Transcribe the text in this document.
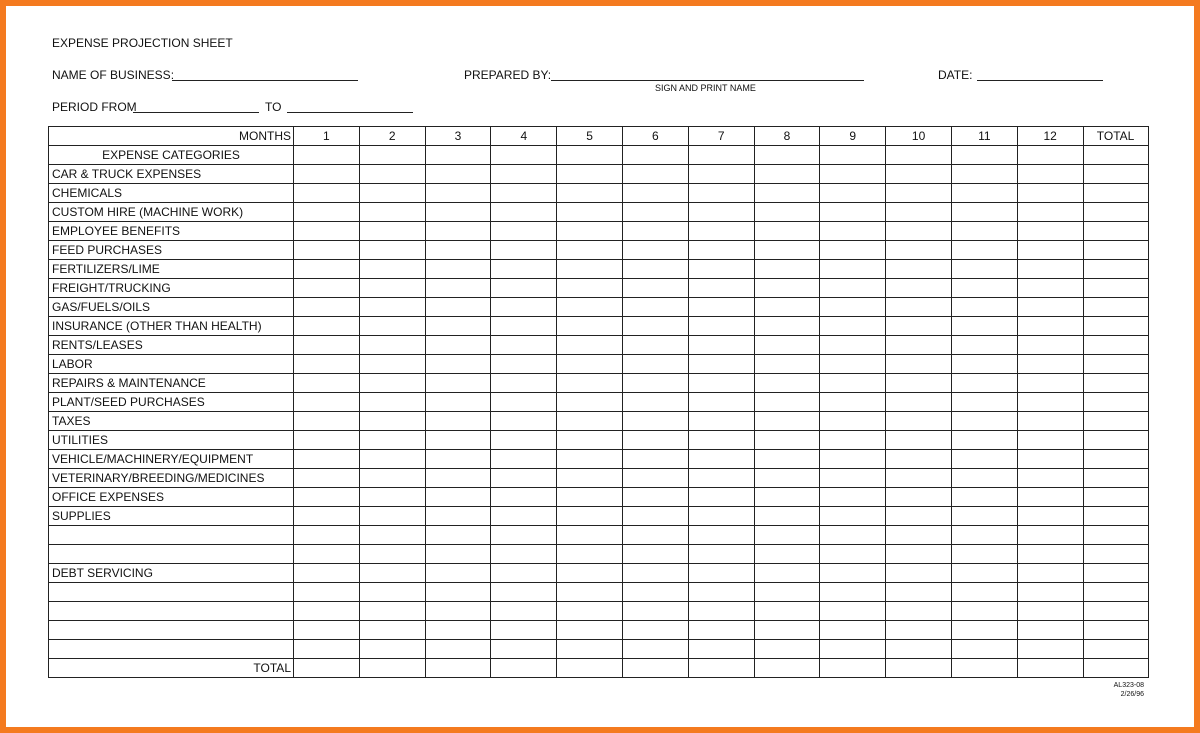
EXPENSE PROJECTION SHEET
NAME OF BUSINESS:	PREPARED BY:
SIGN AND PRINT NAME
DATE:
PERIOD FROM	TO
MONTHS	1	2	3	4	5	6	7	8	9	10	11	12	TOTAL
EXPENSE CATEGORIES													
CAR & TRUCK EXPENSES													
CHEMICALS													
CUSTOM HIRE (MACHINE WORK)													
EMPLOYEE BENEFITS													
FEED PURCHASES													
FERTILIZERS/LIME													
FREIGHT/TRUCKING													
GAS/FUELS/OILS													
INSURANCE (OTHER THAN HEALTH)													
RENTS/LEASES													
LABOR													
REPAIRS & MAINTENANCE													
PLANT/SEED PURCHASES													
TAXES													
UTILITIES													
VEHICLE/MACHINERY/EQUIPMENT													
VETERINARY/BREEDING/MEDICINES													
OFFICE EXPENSES													
SUPPLIES													

DEBT SERVICING													

TOTAL													
AL323-08
2/26/96
